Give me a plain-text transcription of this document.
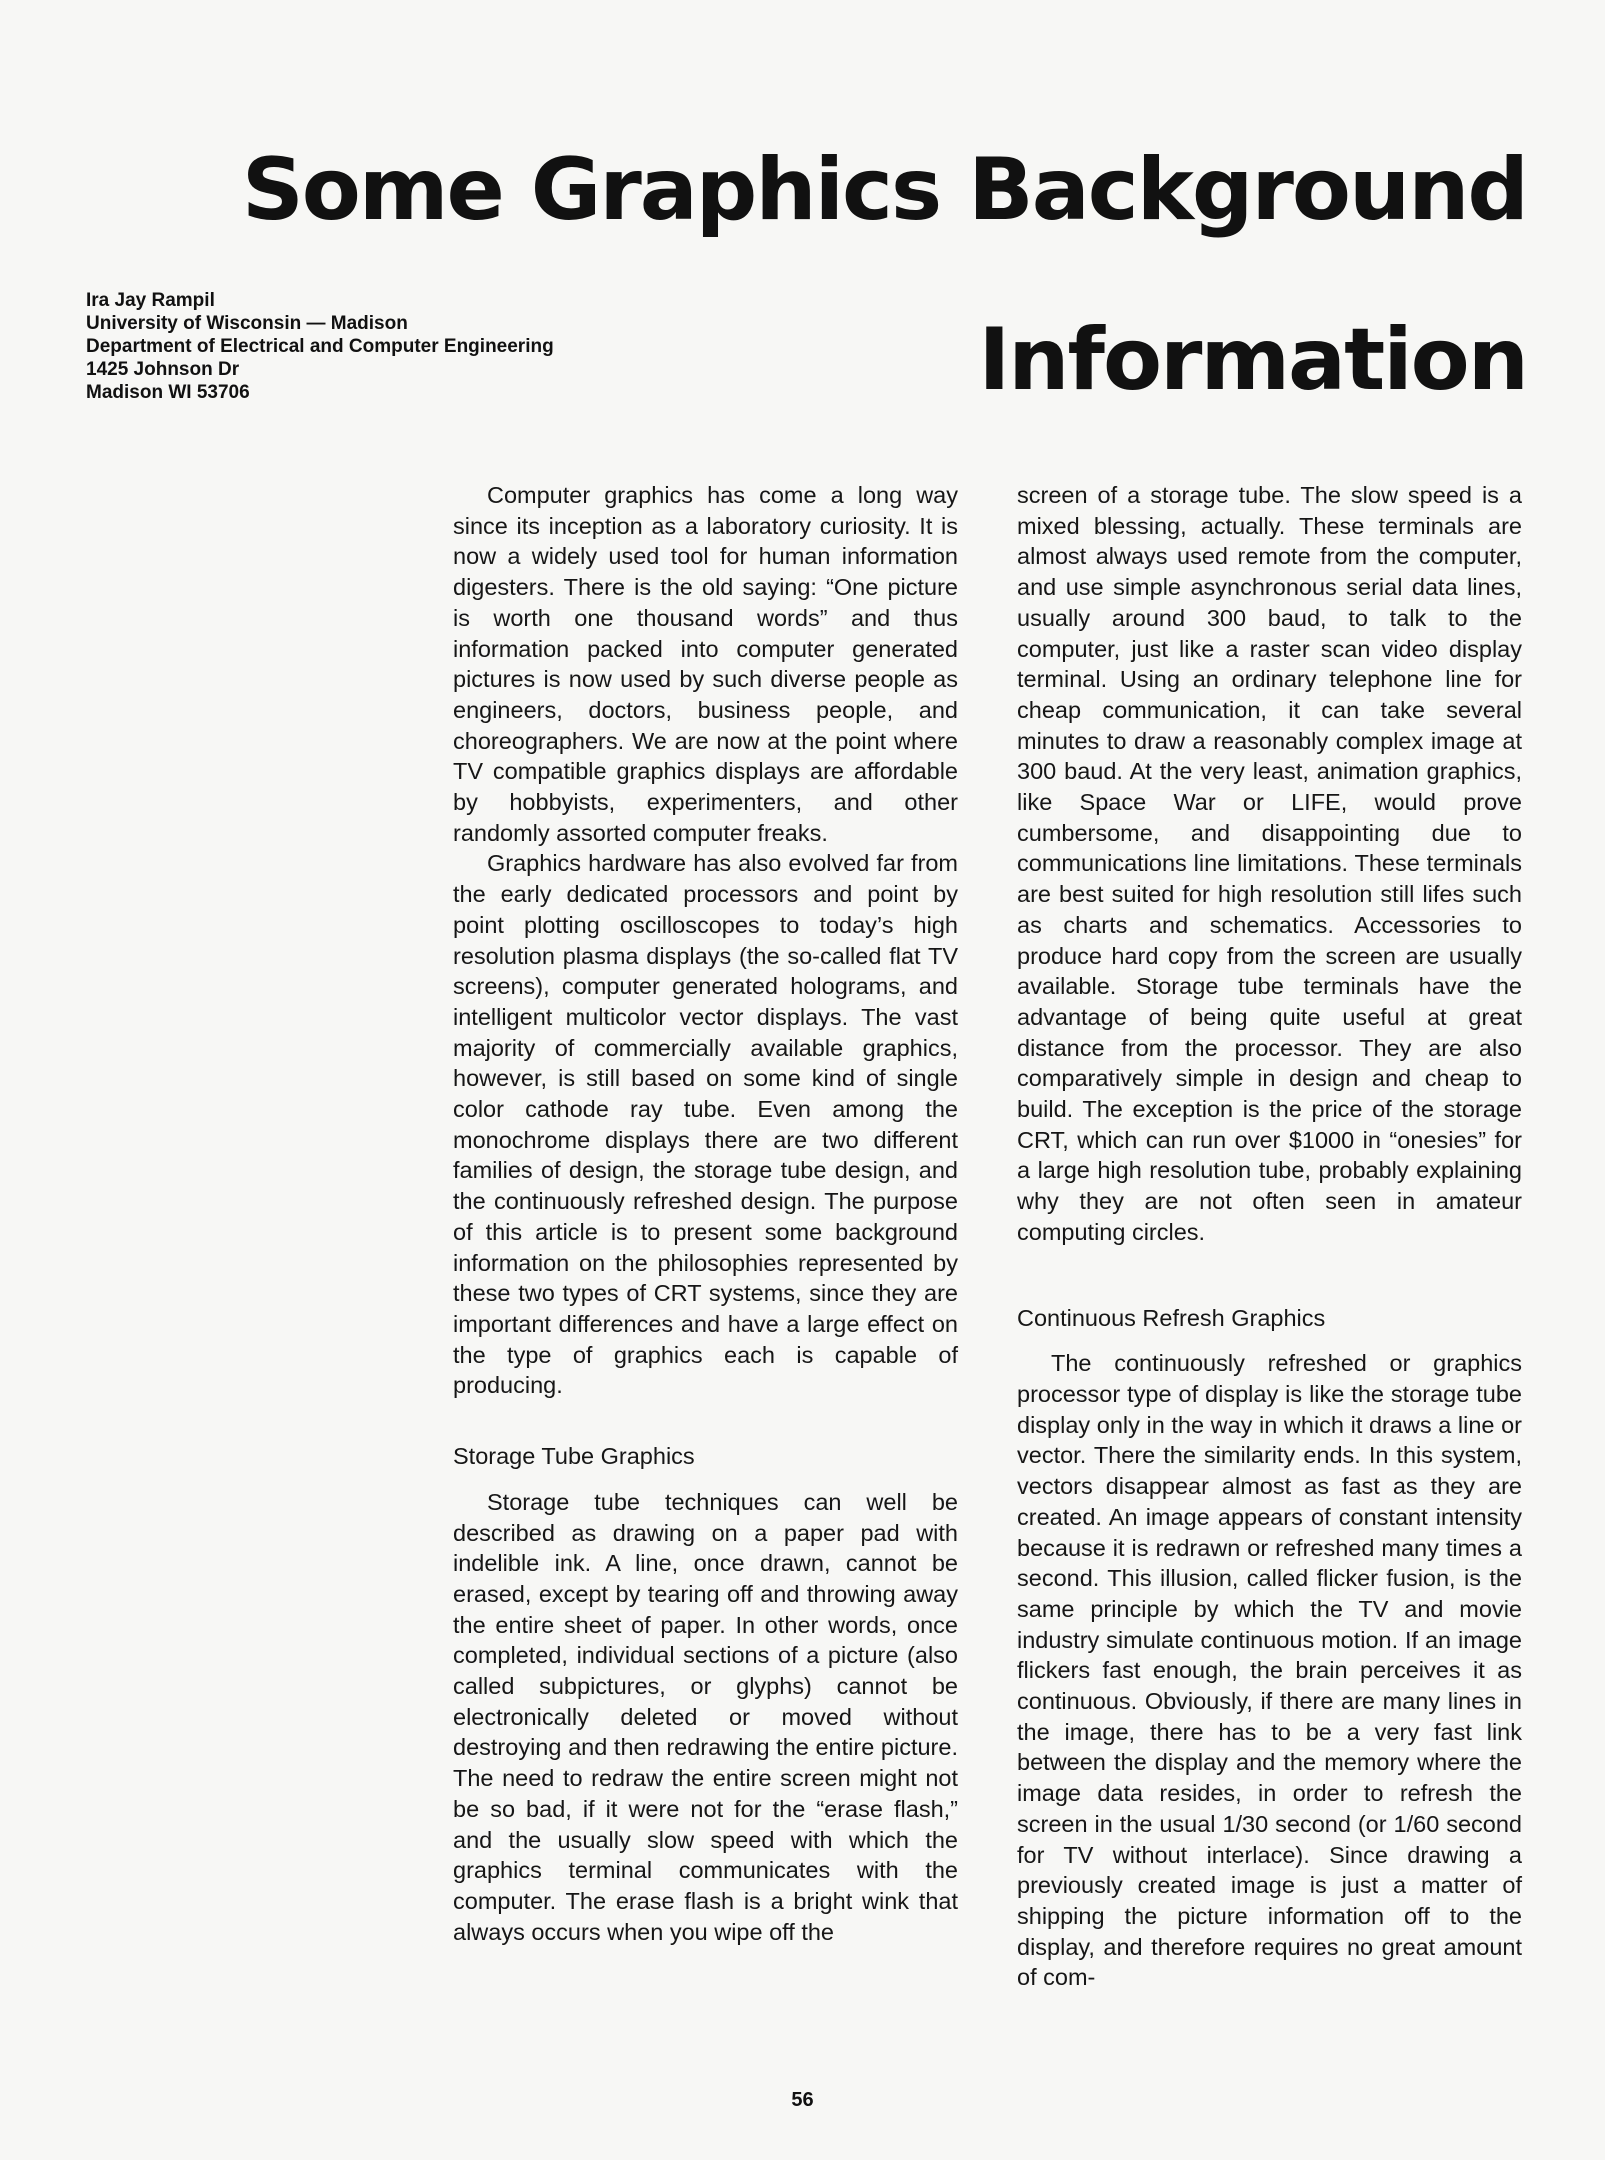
Some Graphics Background
Information
Ira Jay Rampil
University of Wisconsin — Madison
Department of Electrical and Computer Engineering
1425 Johnson Dr
Madison WI 53706

Computer graphics has come a long way since its inception as a laboratory curiosity. It is now a widely used tool for human information digesters. There is the old saying: “One picture is worth one thousand words” and thus information packed into computer generated pictures is now used by such diverse people as engineers, doctors, business people, and choreographers. We are now at the point where TV compatible graphics displays are affordable by hobbyists, experimenters, and other randomly assorted computer freaks.

Graphics hardware has also evolved far from the early dedicated processors and point by point plotting oscilloscopes to today’s high resolution plasma displays (the so-called flat TV screens), computer generated holograms, and intelligent multicolor vector displays. The vast majority of commercially available graphics, however, is still based on some kind of single color cathode ray tube. Even among the monochrome displays there are two different families of design, the storage tube design, and the continuously refreshed design. The purpose of this article is to present some background information on the philosophies represented by these two types of CRT systems, since they are important differences and have a large effect on the type of graphics each is capable of producing.

Storage Tube Graphics

Storage tube techniques can well be described as drawing on a paper pad with indelible ink. A line, once drawn, cannot be erased, except by tearing off and throwing away the entire sheet of paper. In other words, once completed, individual sections of a picture (also called subpictures, or glyphs) cannot be electronically deleted or moved without destroying and then redrawing the entire picture. The need to redraw the entire screen might not be so bad, if it were not for the “erase flash,” and the usually slow speed with which the graphics terminal communicates with the computer. The erase flash is a bright wink that always occurs when you wipe off the

screen of a storage tube. The slow speed is a mixed blessing, actually. These terminals are almost always used remote from the computer, and use simple asynchronous serial data lines, usually around 300 baud, to talk to the computer, just like a raster scan video display terminal. Using an ordinary telephone line for cheap communication, it can take several minutes to draw a reasonably complex image at 300 baud. At the very least, animation graphics, like Space War or LIFE, would prove cumbersome, and disappointing due to communications line limitations. These terminals are best suited for high resolution still lifes such as charts and schematics. Accessories to produce hard copy from the screen are usually available. Storage tube terminals have the advantage of being quite useful at great distance from the processor. They are also comparatively simple in design and cheap to build. The exception is the price of the storage CRT, which can run over $1000 in “onesies” for a large high resolution tube, probably explaining why they are not often seen in amateur computing circles.

Continuous Refresh Graphics

The continuously refreshed or graphics processor type of display is like the storage tube display only in the way in which it draws a line or vector. There the similarity ends. In this system, vectors disappear almost as fast as they are created. An image appears of constant intensity because it is redrawn or refreshed many times a second. This illusion, called flicker fusion, is the same principle by which the TV and movie industry simulate continuous motion. If an image flickers fast enough, the brain perceives it as continuous. Obviously, if there are many lines in the image, there has to be a very fast link between the display and the memory where the image data resides, in order to refresh the screen in the usual 1/30 second (or 1/60 second for TV without interlace). Since drawing a previously created image is just a matter of shipping the picture information off to the display, and therefore requires no great amount of com-

56
